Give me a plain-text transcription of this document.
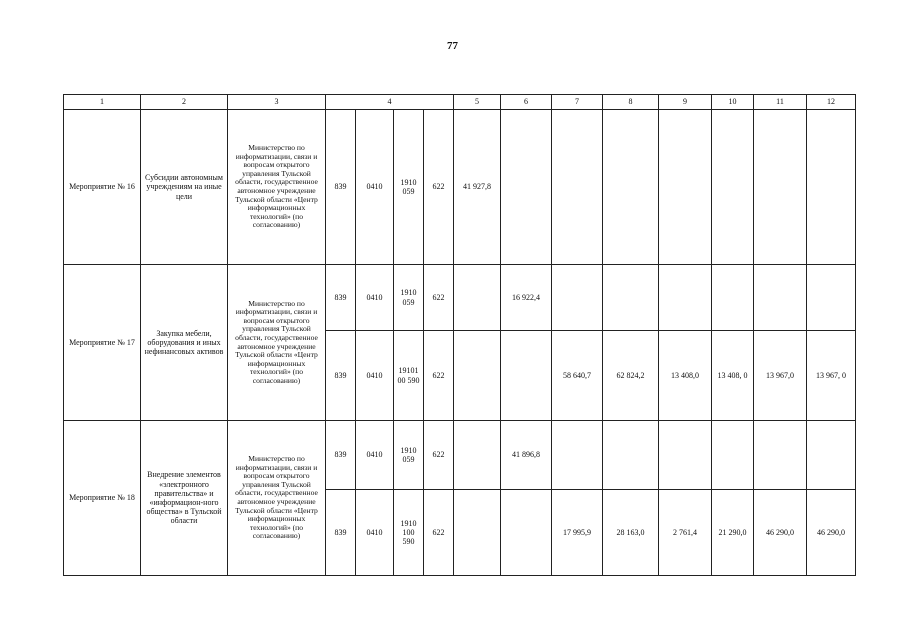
77
1	2	3	4				5	6	7	8	9	10	11	12
Мероприятие № 16	Субсидии автономным учреждениям на иные цели	Министерство по информатизации, связи и вопросам открытого управления Тульской области, государственное автономное учреждение Тульской области «Центр информационных технологий» (по согласованию)	839	0410	1910 059	622	41 927,8							
Мероприятие № 17	Закупка мебели, оборудования и иных нефинансовых активов	Министерство по информатизации, связи и вопросам открытого управления Тульской области, государственное автономное учреждение Тульской области «Центр информационных технологий» (по согласованию)	839	0410	1910 059	622		16 922,4						
			839	0410	19101 00 590	622			58 640,7	62 824,2	13 408,0	13 408, 0	13 967,0	13 967, 0
Мероприятие № 18	Внедрение элементов «электронного правительства» и «информацион-ного общества» в Тульской области	Министерство по информатизации, связи и вопросам открытого управления Тульской области, государственное автономное учреждение Тульской области «Центр информационных технологий» (по согласованию)	839	0410	1910 059	622		41 896,8						
			839	0410	1910 100 590	622			17 995,9	28 163,0	2 761,4	21 290,0	46 290,0	46 290,0
